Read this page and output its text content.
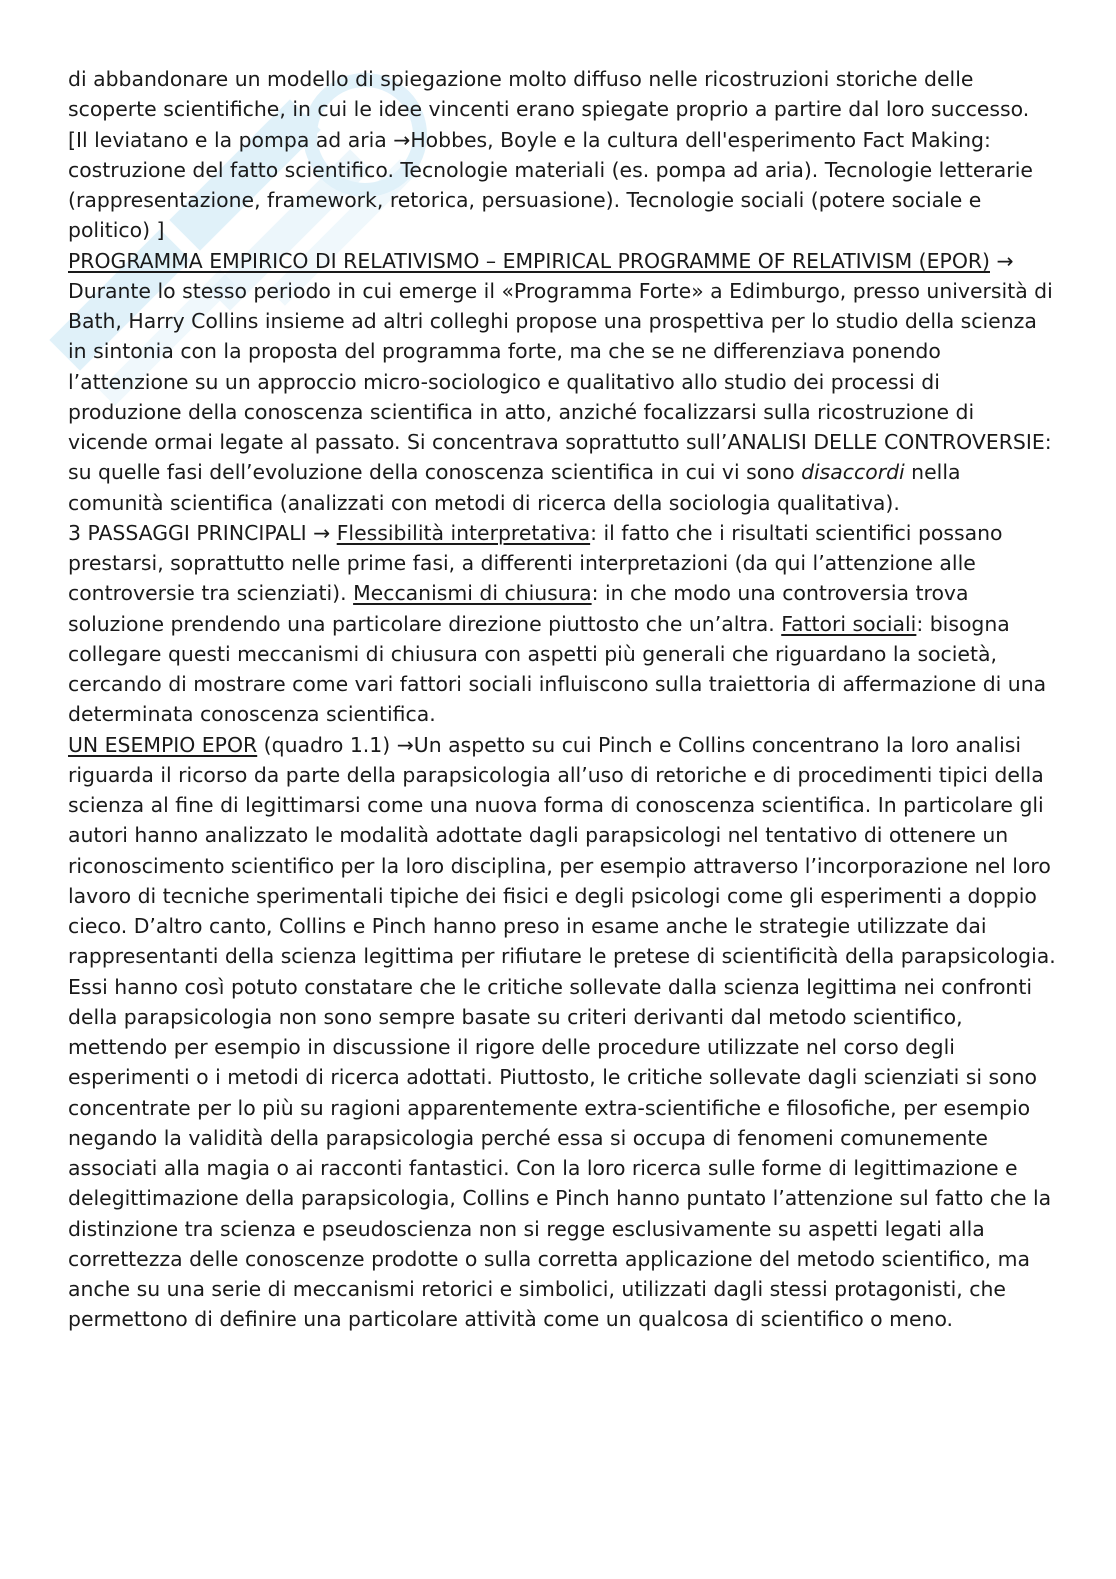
di abbandonare un modello di spiegazione molto diffuso nelle ricostruzioni storiche delle scoperte scientifiche, in cui le idee vincenti erano spiegate proprio a partire dal loro successo.

[Il leviatano e la pompa ad aria →Hobbes, Boyle e la cultura dell'esperimento Fact Making: costruzione del fatto scientifico. Tecnologie materiali (es. pompa ad aria). Tecnologie letterarie (rappresentazione, framework, retorica, persuasione). Tecnologie sociali (potere sociale e politico) ]

PROGRAMMA EMPIRICO DI RELATIVISMO – EMPIRICAL PROGRAMME OF RELATIVISM (EPOR) → Durante lo stesso periodo in cui emerge il «Programma Forte» a Edimburgo, presso università di Bath, Harry Collins insieme ad altri colleghi propose una prospettiva per lo studio della scienza in sintonia con la proposta del programma forte, ma che se ne differenziava ponendo l’attenzione su un approccio micro-sociologico e qualitativo allo studio dei processi di produzione della conoscenza scientifica in atto, anziché focalizzarsi sulla ricostruzione di vicende ormai legate al passato. Si concentrava soprattutto sull’ANALISI DELLE CONTROVERSIE: su quelle fasi dell’evoluzione della conoscenza scientifica in cui vi sono disaccordi nella comunità scientifica (analizzati con metodi di ricerca della sociologia qualitativa).

3 PASSAGGI PRINCIPALI → Flessibilità interpretativa: il fatto che i risultati scientifici possano prestarsi, soprattutto nelle prime fasi, a differenti interpretazioni (da qui l’attenzione alle controversie tra scienziati). Meccanismi di chiusura: in che modo una controversia trova soluzione prendendo una particolare direzione piuttosto che un’altra. Fattori sociali: bisogna collegare questi meccanismi di chiusura con aspetti più generali che riguardano la società, cercando di mostrare come vari fattori sociali influiscono sulla traiettoria di affermazione di una determinata conoscenza scientifica.

UN ESEMPIO EPOR (quadro 1.1) →Un aspetto su cui Pinch e Collins concentrano la loro analisi riguarda il ricorso da parte della parapsicologia all’uso di retoriche e di procedimenti tipici della scienza al fine di legittimarsi come una nuova forma di conoscenza scientifica. In particolare gli autori hanno analizzato le modalità adottate dagli parapsicologi nel tentativo di ottenere un riconoscimento scientifico per la loro disciplina, per esempio attraverso l’incorporazione nel loro lavoro di tecniche sperimentali tipiche dei fisici e degli psicologi come gli esperimenti a doppio cieco. D’altro canto, Collins e Pinch hanno preso in esame anche le strategie utilizzate dai rappresentanti della scienza legittima per rifiutare le pretese di scientificità della parapsicologia. Essi hanno così potuto constatare che le critiche sollevate dalla scienza legittima nei confronti della parapsicologia non sono sempre basate su criteri derivanti dal metodo scientifico, mettendo per esempio in discussione il rigore delle procedure utilizzate nel corso degli esperimenti o i metodi di ricerca adottati. Piuttosto, le critiche sollevate dagli scienziati si sono concentrate per lo più su ragioni apparentemente extra-scientifiche e filosofiche, per esempio negando la validità della parapsicologia perché essa si occupa di fenomeni comunemente associati alla magia o ai racconti fantastici. Con la loro ricerca sulle forme di legittimazione e delegittimazione della parapsicologia, Collins e Pinch hanno puntato l’attenzione sul fatto che la distinzione tra scienza e pseudoscienza non si regge esclusivamente su aspetti legati alla correttezza delle conoscenze prodotte o sulla corretta applicazione del metodo scientifico, ma anche su una serie di meccanismi retorici e simbolici, utilizzati dagli stessi protagonisti, che permettono di definire una particolare attività come un qualcosa di scientifico o meno.
